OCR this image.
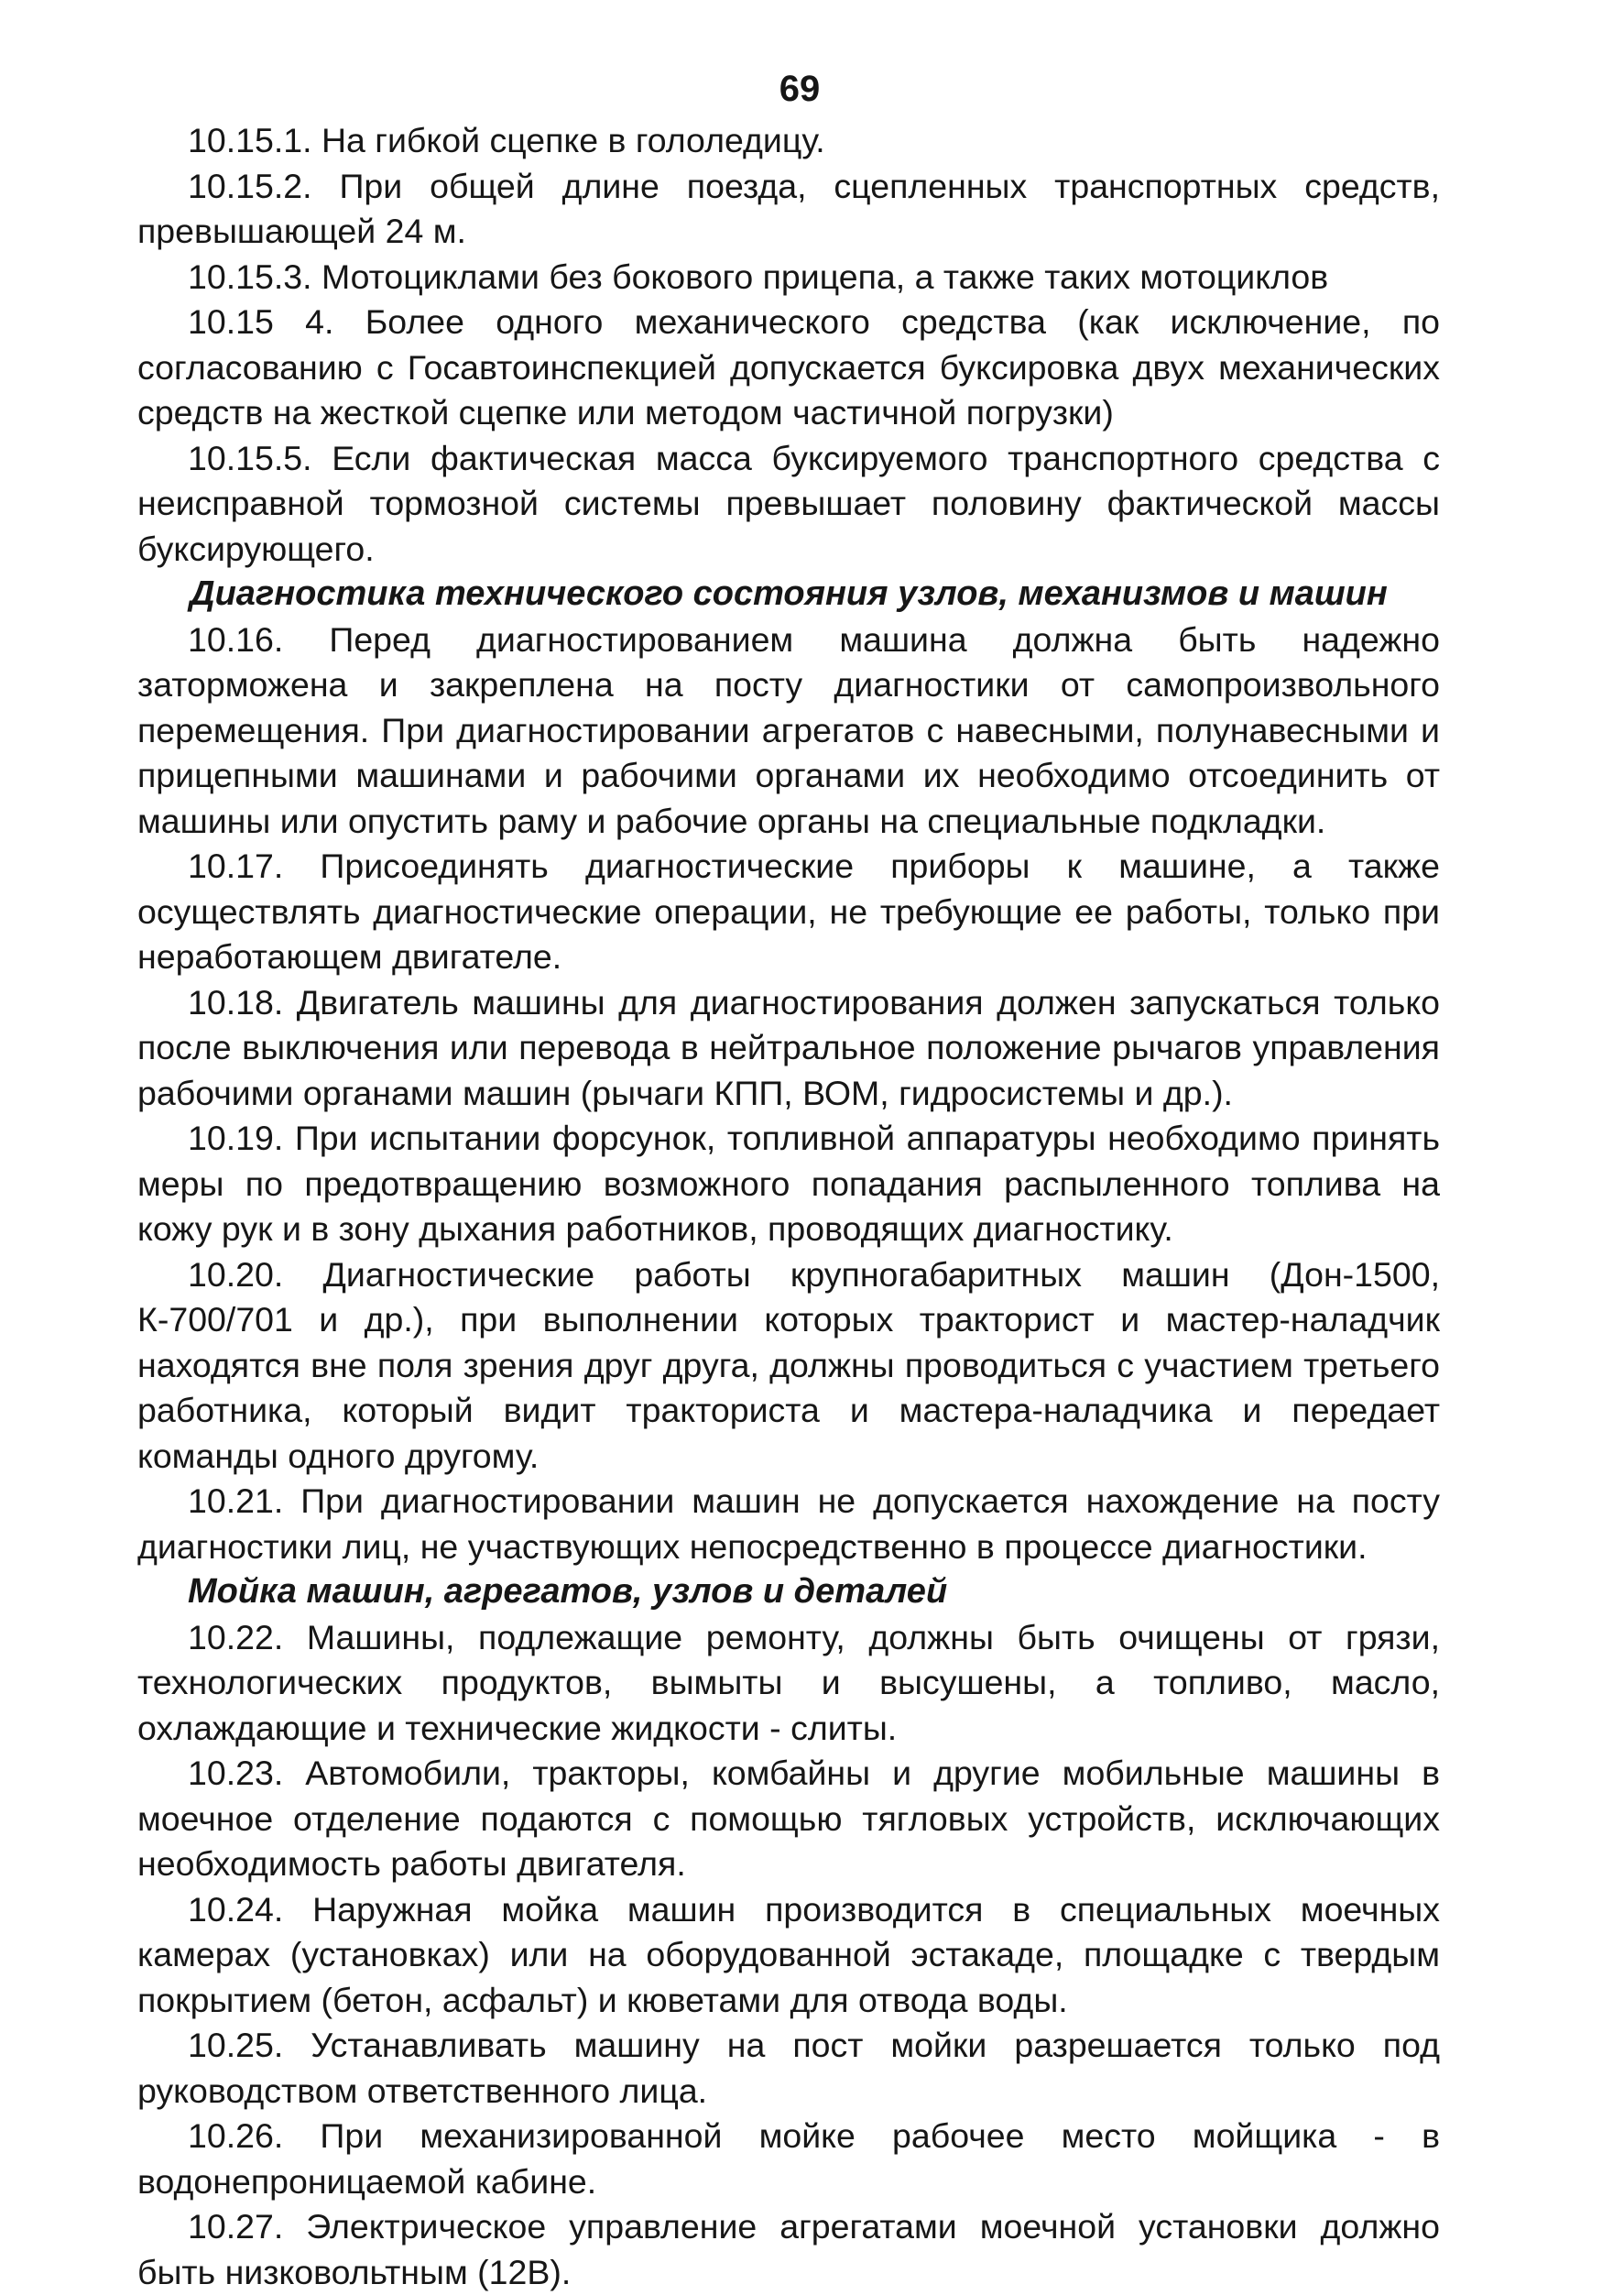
69

10.15.1. На гибкой сцепке в гололедицу.

10.15.2. При общей длине поезда, сцепленных транспортных средств, превышающей 24 м.

10.15.3. Мотоциклами без бокового прицепа, а также таких мотоциклов

10.15 4. Более одного механического средства (как исключение, по согласованию с Госавтоинспекцией допускается буксировка двух механических средств на жесткой сцепке или методом частичной погрузки)

10.15.5. Если фактическая масса буксируемого транспортного средства с неисправной тормозной системы превышает половину фактической массы буксирующего.

Диагностика технического состояния узлов, механизмов и машин

10.16. Перед диагностированием машина должна быть надежно заторможена и закреплена на посту диагностики от самопроизвольного перемещения. При диагностировании агрегатов с навесными, полунавесными и прицепными машинами и рабочими органами их необходимо отсоединить от машины или опустить раму и рабочие органы на специальные подкладки.

10.17. Присоединять диагностические приборы к машине, а также осуществлять диагностические операции, не требующие ее работы, только при неработающем двигателе.

10.18. Двигатель машины для диагностирования должен запускаться только после выключения или перевода в нейтральное положение рычагов управления рабочими органами машин (рычаги КПП, ВОМ, гидросистемы и др.).

10.19. При испытании форсунок, топливной аппаратуры необходимо принять меры по предотвращению возможного попадания распыленного топлива на кожу рук и в зону дыхания работников, проводящих диагностику.

10.20. Диагностические работы крупногабаритных машин (Дон-1500, К-700/701 и др.), при выполнении которых тракторист и мастер-наладчик находятся вне поля зрения друг друга, должны проводиться с участием третьего работника, который видит тракториста и мастера-наладчика и передает команды одного другому.

10.21. При диагностировании машин не допускается нахождение на посту диагностики лиц, не участвующих непосредственно в процессе диагностики.

Мойка машин, агрегатов, узлов и деталей

10.22. Машины, подлежащие ремонту, должны быть очищены от грязи, технологических продуктов, вымыты и высушены, а топливо, масло, охлаждающие и технические жидкости - слиты.

10.23. Автомобили, тракторы, комбайны и другие мобильные машины в моечное отделение подаются с помощью тягловых устройств, исключающих необходимость работы двигателя.

10.24. Наружная мойка машин производится в специальных моечных камерах (установках) или на оборудованной эстакаде, площадке с твердым покрытием (бетон, асфальт) и кюветами для отвода воды.

10.25. Устанавливать машину на пост мойки разрешается только под руководством ответственного лица.

10.26. При механизированной мойке рабочее место мойщика - в водонепроницаемой кабине.

10.27. Электрическое управление агрегатами моечной установки должно быть низковольтным (12В).
